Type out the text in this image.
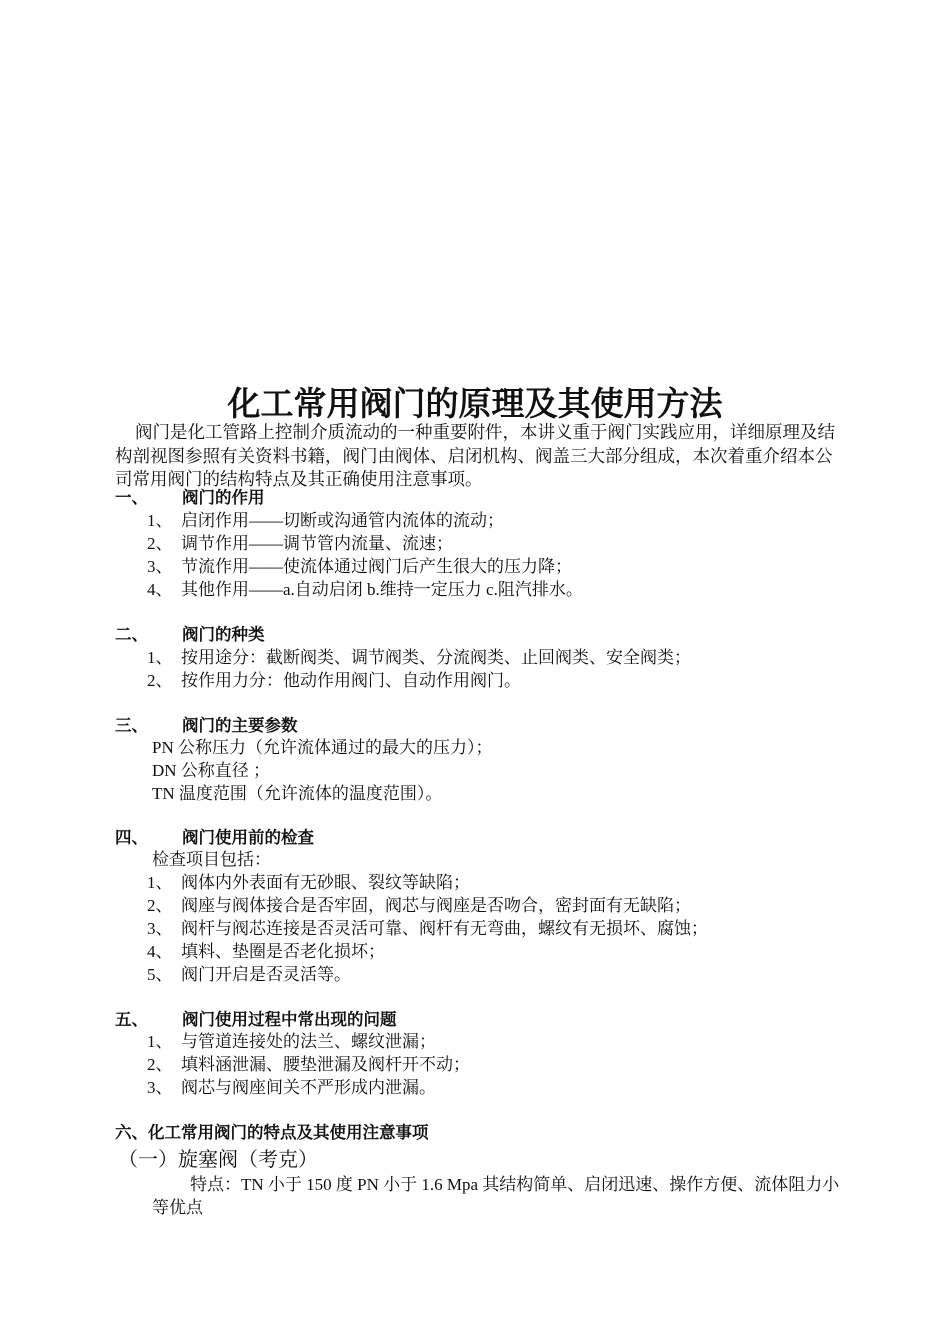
化工常用阀门的原理及其使用方法

阀门是化工管路上控制介质流动的一种重要附件，本讲义重于阀门实践应用，详细原理及结构剖视图参照有关资料书籍，阀门由阀体、启闭机构、阀盖三大部分组成，本次着重介绍本公司常用阀门的结构特点及其正确使用注意事项。

一、 阀门的作用
1、 启闭作用——切断或沟通管内流体的流动；
2、 调节作用——调节管内流量、流速；
3、 节流作用——使流体通过阀门后产生很大的压力降；
4、 其他作用——a.自动启闭 b.维持一定压力 c.阻汽排水。
二、 阀门的种类
1、 按用途分：截断阀类、调节阀类、分流阀类、止回阀类、安全阀类；
2、 按作用力分：他动作用阀门、自动作用阀门。
三、 阀门的主要参数
PN 公称压力（允许流体通过的最大的压力）；
DN 公称直径 ；
TN 温度范围（允许流体的温度范围）。
四、 阀门使用前的检查
检查项目包括：
1、 阀体内外表面有无砂眼、裂纹等缺陷；
2、 阀座与阀体接合是否牢固，阀芯与阀座是否吻合，密封面有无缺陷；
3、 阀杆与阀芯连接是否灵活可靠、阀杆有无弯曲，螺纹有无损坏、腐蚀；
4、 填料、垫圈是否老化损坏；
5、 阀门开启是否灵活等。
五、 阀门使用过程中常出现的问题
1、 与管道连接处的法兰、螺纹泄漏；
2、 填料涵泄漏、腰垫泄漏及阀杆开不动；
3、 阀芯与阀座间关不严形成内泄漏。
六、化工常用阀门的特点及其使用注意事项
（一）旋塞阀（考克）

特点：TN 小于 150 度 PN 小于 1.6 Mpa 其结构简单、启闭迅速、操作方便、流体阻力小等优点
